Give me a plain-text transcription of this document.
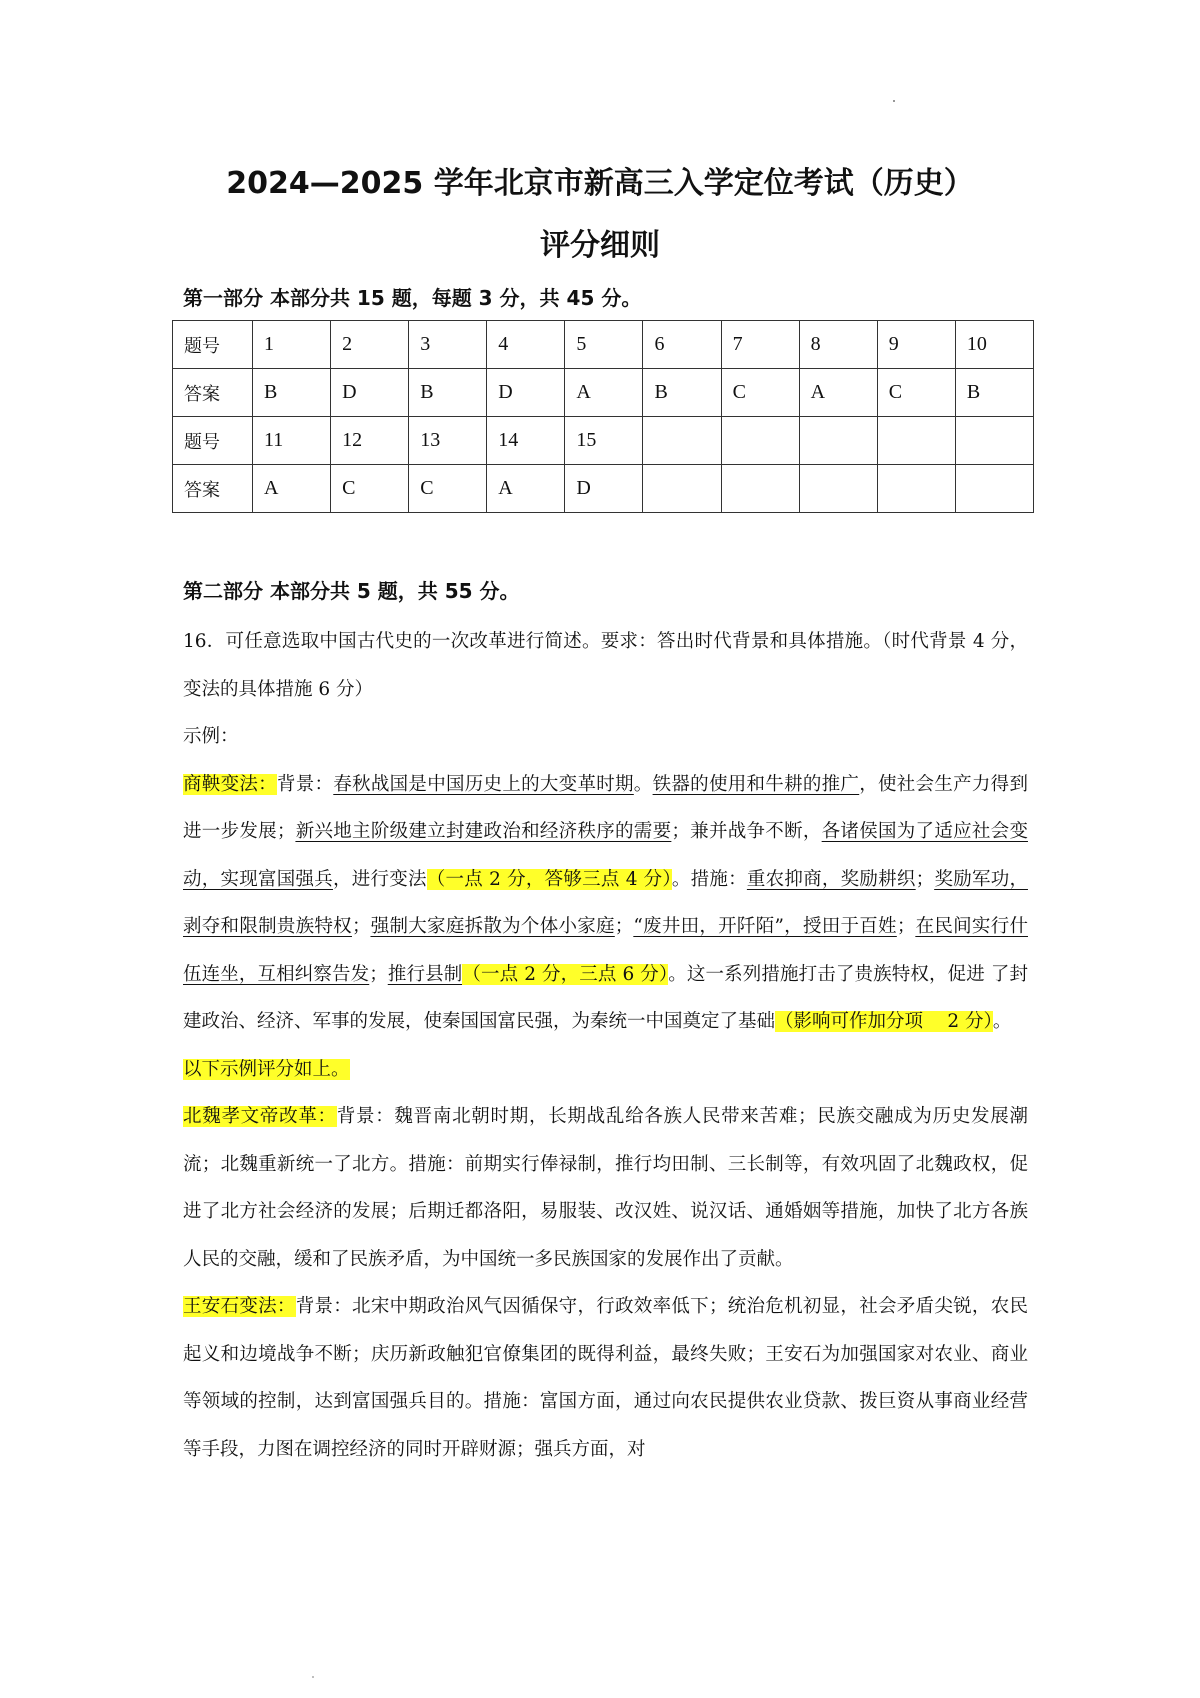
2024—2025 学年北京市新高三入学定位考试（历史）
评分细则
第一部分 本部分共 15 题，每题 3 分，共 45 分。
题号	1	2	3	4	5	6	7	8	9	10
答案	B	D	B	D	A	B	C	A	C	B
题号	11	12	13	14	15					
答案	A	C	C	A	D					
第二部分 本部分共 5 题，共 55 分。

16．可任意选取中国古代史的一次改革进行简述。要求：答出时代背景和具体措施。（时代背景 4 分，变法的具体措施 6 分）

示例：

商鞅变法：背景：春秋战国是中国历史上的大变革时期。铁器的使用和牛耕的推广，使社会生产力得到进一步发展；新兴地主阶级建立封建政治和经济秩序的需要；兼并战争不断，各诸侯国为了适应社会变动，实现富国强兵，进行变法（一点 2 分，答够三点 4 分）。措施：重农抑商，奖励耕织；奖励军功，剥夺和限制贵族特权；强制大家庭拆散为个体小家庭；“废井田，开阡陌”，授田于百姓；在民间实行什伍连坐，互相纠察告发；推行县制（一点 2 分，三点 6 分）。这一系列措施打击了贵族特权，促进 了封建政治、经济、军事的发展，使秦国国富民强，为秦统一中国奠定了基础（影响可作加分项　 2 分）。

以下示例评分如上。

北魏孝文帝改革：背景：魏晋南北朝时期，长期战乱给各族人民带来苦难；民族交融成为历史发展潮流；北魏重新统一了北方。措施：前期实行俸禄制，推行均田制、三长制等，有效巩固了北魏政权，促进了北方社会经济的发展；后期迁都洛阳，易服装、改汉姓、说汉话、通婚姻等措施，加快了北方各族人民的交融，缓和了民族矛盾，为中国统一多民族国家的发展作出了贡献。

王安石变法：背景：北宋中期政治风气因循保守，行政效率低下；统治危机初显，社会矛盾尖锐，农民起义和边境战争不断；庆历新政触犯官僚集团的既得利益，最终失败；王安石为加强国家对农业、商业等领域的控制，达到富国强兵目的。措施：富国方面，通过向农民提供农业贷款、拨巨资从事商业经营等手段，力图在调控经济的同时开辟财源；强兵方面，对
